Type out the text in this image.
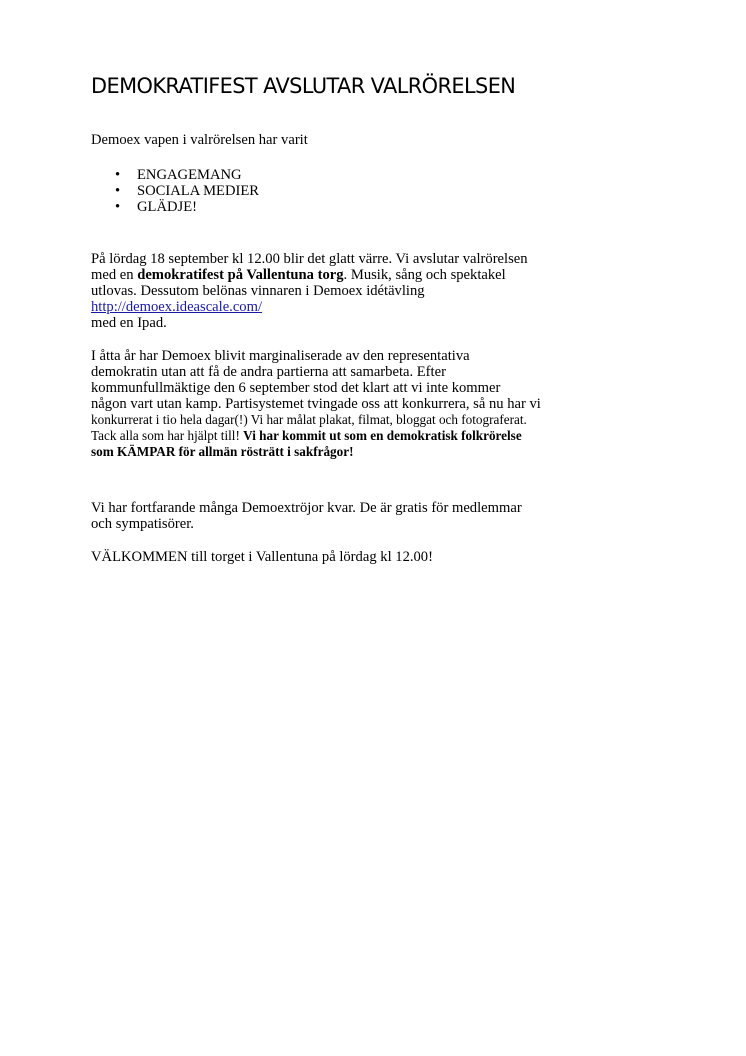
DEMOKRATIFEST AVSLUTAR VALRÖRELSEN
Demoex vapen i valrörelsen har varit
• ENGAGEMANG
• SOCIALA MEDIER
• GLÄDJE!
På lördag 18 september kl 12.00 blir det glatt värre. Vi avslutar valrörelsen
med en demokratifest på Vallentuna torg. Musik, sång och spektakel
utlovas. Dessutom belönas vinnaren i Demoex idétävling
http://demoex.ideascale.com/
med en Ipad.
I åtta år har Demoex blivit marginaliserade av den representativa
demokratin utan att få de andra partierna att samarbeta. Efter
kommunfullmäktige den 6 september stod det klart att vi inte kommer
någon vart utan kamp. Partisystemet tvingade oss att konkurrera, så nu har vi
konkurrerat i tio hela dagar(!) Vi har målat plakat, filmat, bloggat och fotograferat.
Tack alla som har hjälpt till! Vi har kommit ut som en demokratisk folkrörelse
som KÄMPAR för allmän rösträtt i sakfrågor!
Vi har fortfarande många Demoextröjor kvar. De är gratis för medlemmar
och sympatisörer.
VÄLKOMMEN till torget i Vallentuna på lördag kl 12.00!
